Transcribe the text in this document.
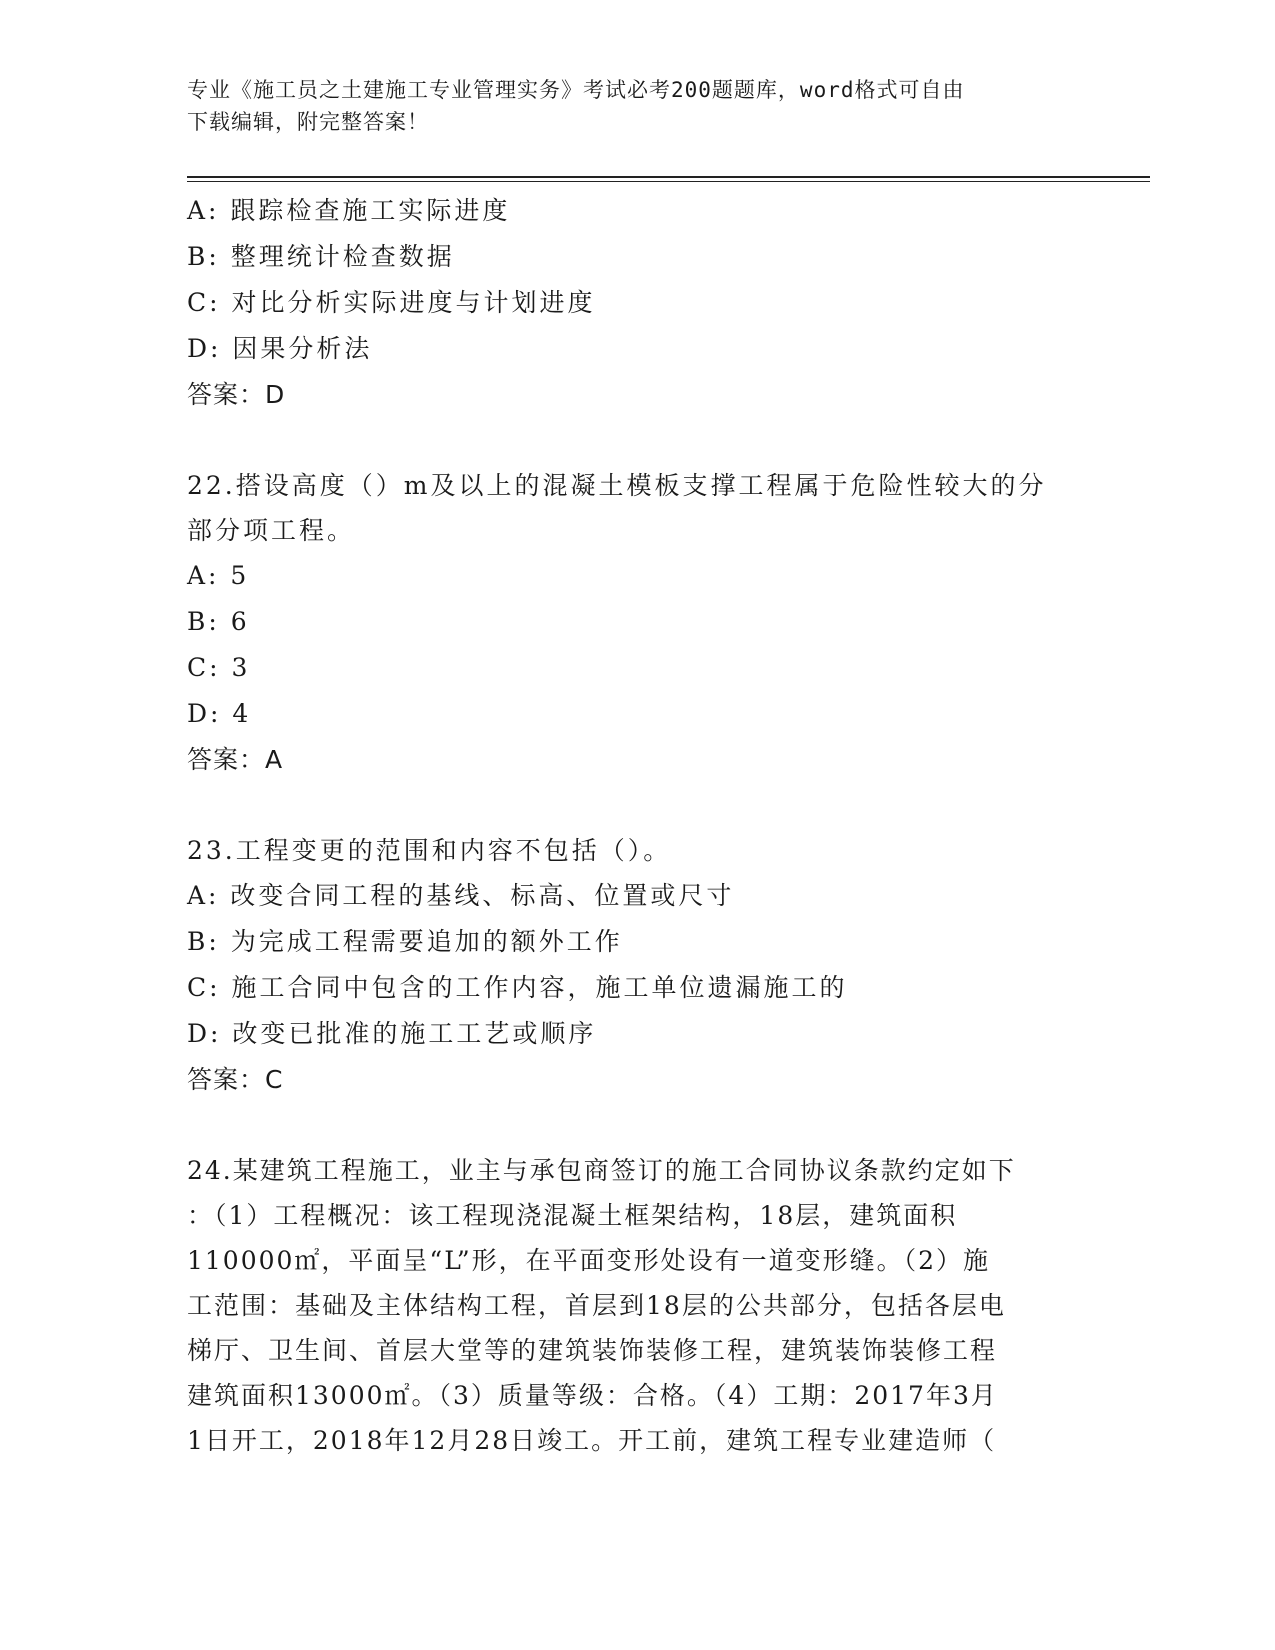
专业《施工员之土建施工专业管理实务》考试必考200题题库，word格式可自由
下载编辑，附完整答案！
A: 跟踪检查施工实际进度
B: 整理统计检查数据
C: 对比分析实际进度与计划进度
D: 因果分析法
答案：D
22.搭设高度（）m及以上的混凝土模板支撑工程属于危险性较大的分
部分项工程。
A: 5
B: 6
C: 3
D: 4
答案：A
23.工程变更的范围和内容不包括（）。
A: 改变合同工程的基线、标高、位置或尺寸
B: 为完成工程需要追加的额外工作
C: 施工合同中包含的工作内容，施工单位遗漏施工的
D: 改变已批准的施工工艺或顺序
答案：C
24.某建筑工程施工，业主与承包商签订的施工合同协议条款约定如下
：（1）工程概况：该工程现浇混凝土框架结构，18层，建筑面积
110000㎡，平面呈“L”形，在平面变形处设有一道变形缝。（2）施
工范围：基础及主体结构工程，首层到18层的公共部分，包括各层电
梯厅、卫生间、首层大堂等的建筑装饰装修工程，建筑装饰装修工程
建筑面积13000㎡。（3）质量等级：合格。（4）工期：2017年3月
1日开工，2018年12月28日竣工。开工前，建筑工程专业建造师（
